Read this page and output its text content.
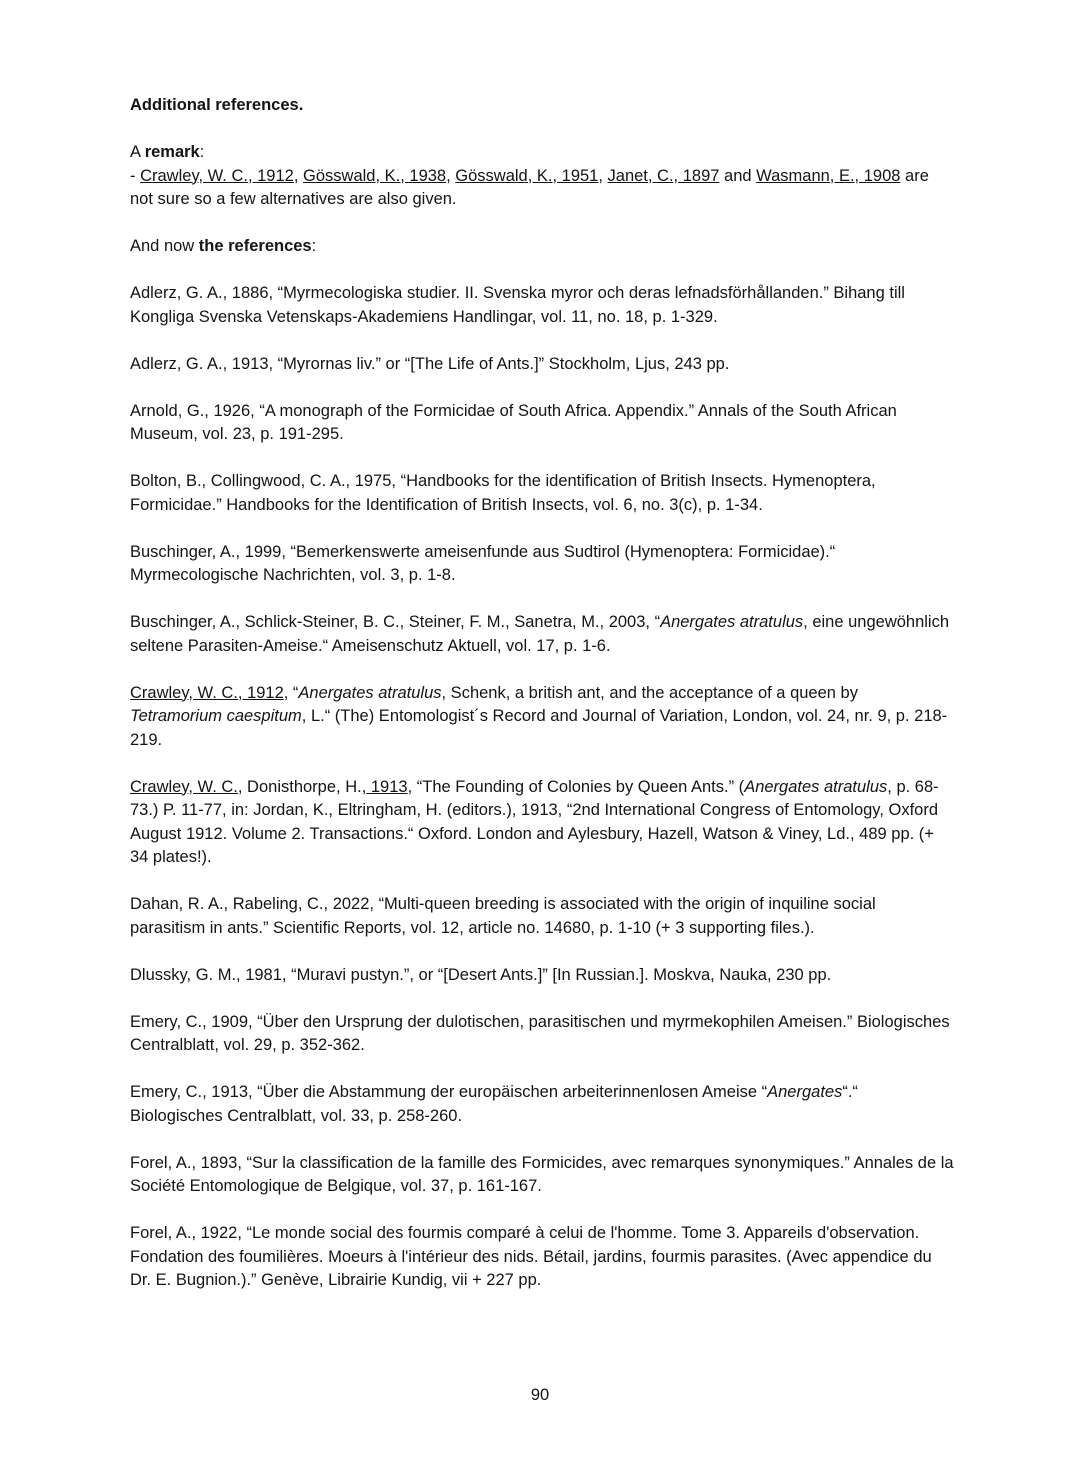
Additional references.

A remark:

- Crawley, W. C., 1912, Gösswald, K., 1938, Gösswald, K., 1951, Janet, C., 1897 and Wasmann, E., 1908 are not sure so a few alternatives are also given.

And now the references:

Adlerz, G. A., 1886, “Myrmecologiska studier. II. Svenska myror och deras lefnadsförhållanden.” Bihang till Kongliga Svenska Vetenskaps-Akademiens Handlingar, vol. 11, no. 18, p. 1-329.

Adlerz, G. A., 1913, “Myrornas liv.” or “[The Life of Ants.]” Stockholm, Ljus, 243 pp.

Arnold, G., 1926, “A monograph of the Formicidae of South Africa. Appendix.” Annals of the South African Museum, vol. 23, p. 191-295.

Bolton, B., Collingwood, C. A., 1975, “Handbooks for the identification of British Insects. Hymenoptera, Formicidae.” Handbooks for the Identification of British Insects, vol. 6, no. 3(c), p. 1-34.

Buschinger, A., 1999, “Bemerkenswerte ameisenfunde aus Sudtirol (Hymenoptera: Formicidae).“ Myrmecologische Nachrichten, vol. 3, p. 1-8.

Buschinger, A., Schlick-Steiner, B. C., Steiner, F. M., Sanetra, M., 2003, “Anergates atratulus, eine ungewöhnlich seltene Parasiten-Ameise.“ Ameisenschutz Aktuell, vol. 17, p. 1-6.

Crawley, W. C., 1912, “Anergates atratulus, Schenk, a british ant, and the acceptance of a queen by Tetramorium caespitum, L.“ (The) Entomologist´s Record and Journal of Variation, London, vol. 24, nr. 9, p. 218-219.

Crawley, W. C., Donisthorpe, H., 1913, “The Founding of Colonies by Queen Ants.” (Anergates atratulus, p. 68-73.) P. 11-77, in: Jordan, K., Eltringham, H. (editors.), 1913, “2nd International Congress of Entomology, Oxford August 1912. Volume 2. Transactions.“ Oxford. London and Aylesbury, Hazell, Watson & Viney, Ld., 489 pp. (+ 34 plates!).

Dahan, R. A., Rabeling, C., 2022, “Multi-queen breeding is associated with the origin of inquiline social parasitism in ants.” Scientific Reports, vol. 12, article no. 14680, p. 1-10 (+ 3 supporting files.).

Dlussky, G. M., 1981, “Muravi pustyn.”, or “[Desert Ants.]” [In Russian.]. Moskva, Nauka, 230 pp.

Emery, C., 1909, “Über den Ursprung der dulotischen, parasitischen und myrmekophilen Ameisen.” Biologisches Centralblatt, vol. 29, p. 352-362.

Emery, C., 1913, “Über die Abstammung der europäischen arbeiterinnenlosen Ameise “Anergates“.“ Biologisches Centralblatt, vol. 33, p. 258-260.

Forel, A., 1893, “Sur la classification de la famille des Formicides, avec remarques synonymiques.” Annales de la Société Entomologique de Belgique, vol. 37, p. 161-167.

Forel, A., 1922, “Le monde social des fourmis comparé à celui de l'homme. Tome 3. Appareils d'observation. Fondation des foumilières. Moeurs à l'intérieur des nids. Bétail, jardins, fourmis parasites. (Avec appendice du Dr. E. Bugnion.).” Genève, Librairie Kundig, vii + 227 pp.

90
